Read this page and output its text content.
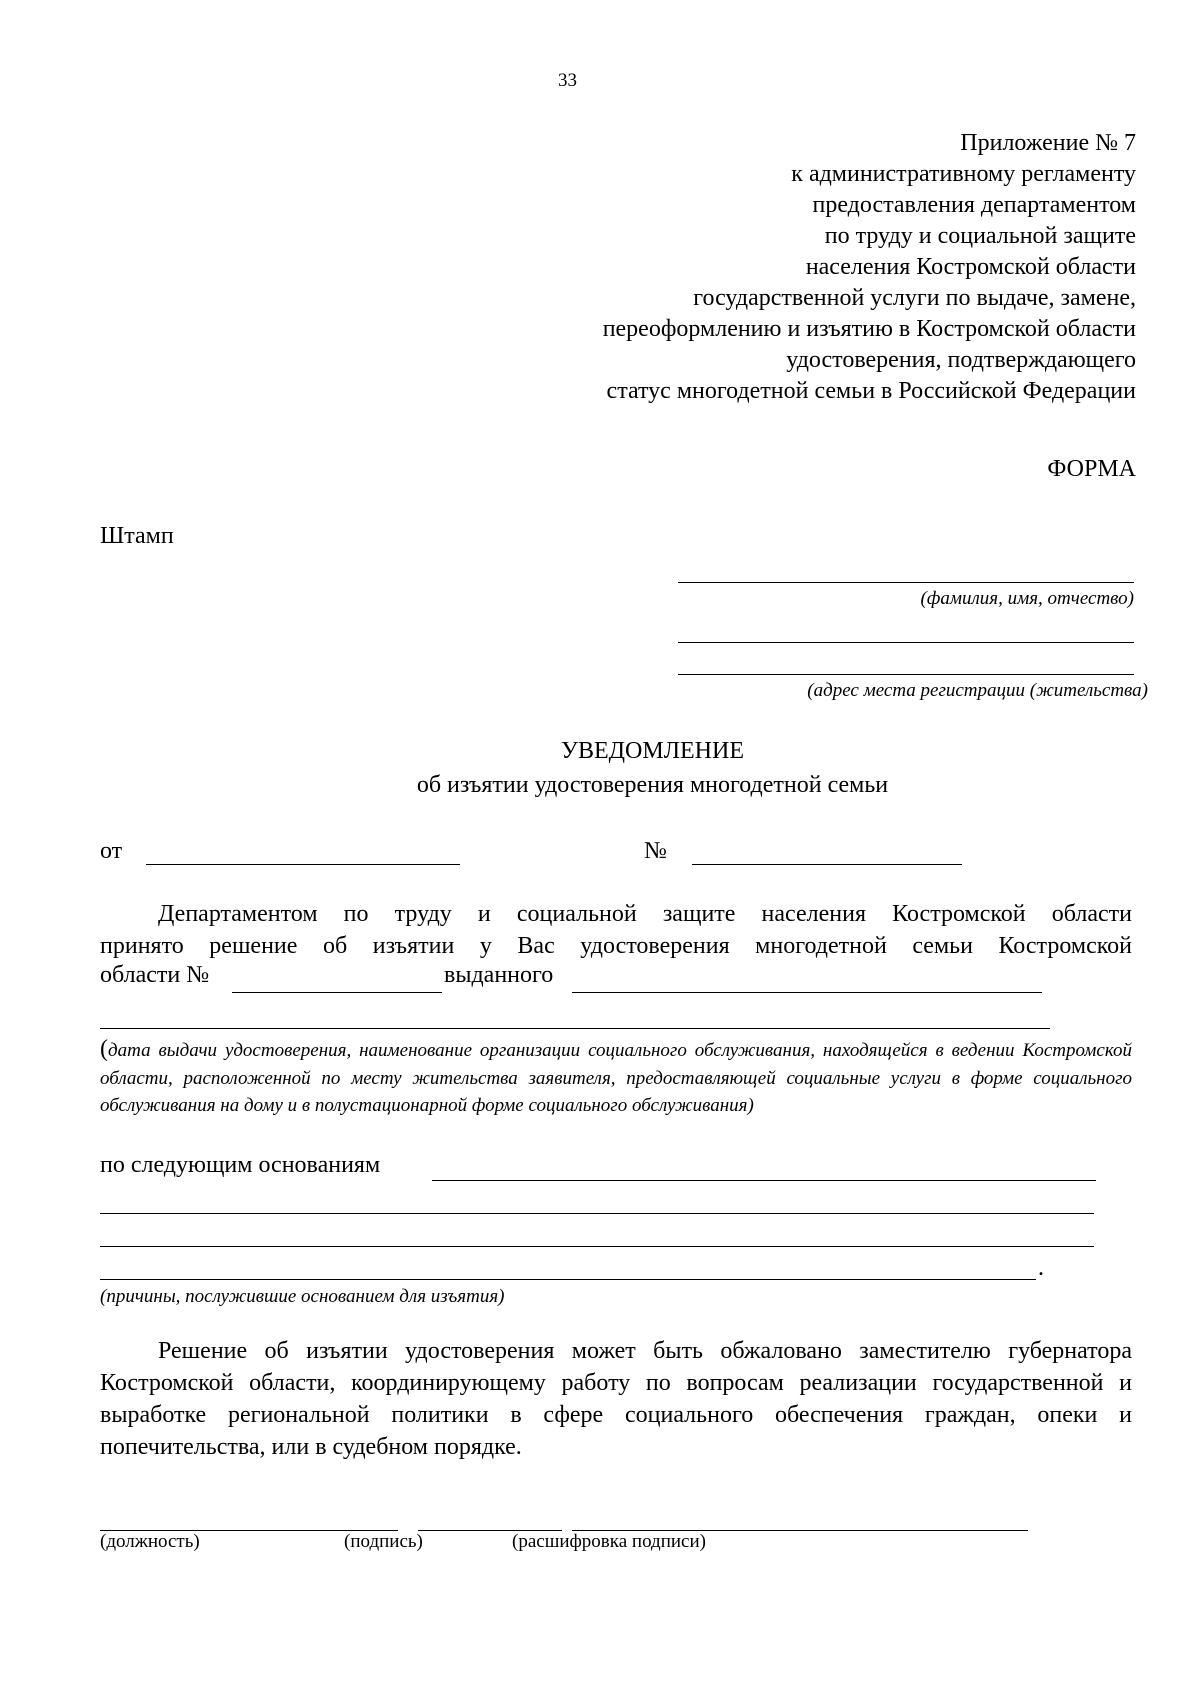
33
Приложение № 7
к административному регламенту
предоставления департаментом
по труду и социальной защите
населения Костромской области
государственной услуги по выдаче, замене,
переоформлению и изъятию в Костромской области
удостоверения, подтверждающего
статус многодетной семьи в Российской Федерации
ФОРМА
Штамп
(фамилия, имя, отчество)
(адрес места регистрации (жительства)
УВЕДОМЛЕНИЕ
об изъятии удостоверения многодетной семьи
от	№
Департаментом по труду и социальной защите населения Костромской области
принято решение об изъятии у Вас удостоверения многодетной семьи Костромской
области №	выданного
(дата выдачи удостоверения, наименование организации социального обслуживания, находящейся в ведении Костромской области, расположенной по месту жительства заявителя, предоставляющей социальные услуги в форме социального обслуживания на дому и в полустационарной форме социального обслуживания)
по следующим основаниям
.
(причины, послужившие основанием для изъятия)
Решение об изъятии удостоверения может быть обжаловано заместителю губернатора Костромской области, координирующему работу по вопросам реализации государственной и выработке региональной политики в сфере социального обеспечения граждан, опеки и попечительства, или в судебном порядке.
(должность)	(подпись)	(расшифровка подписи)
